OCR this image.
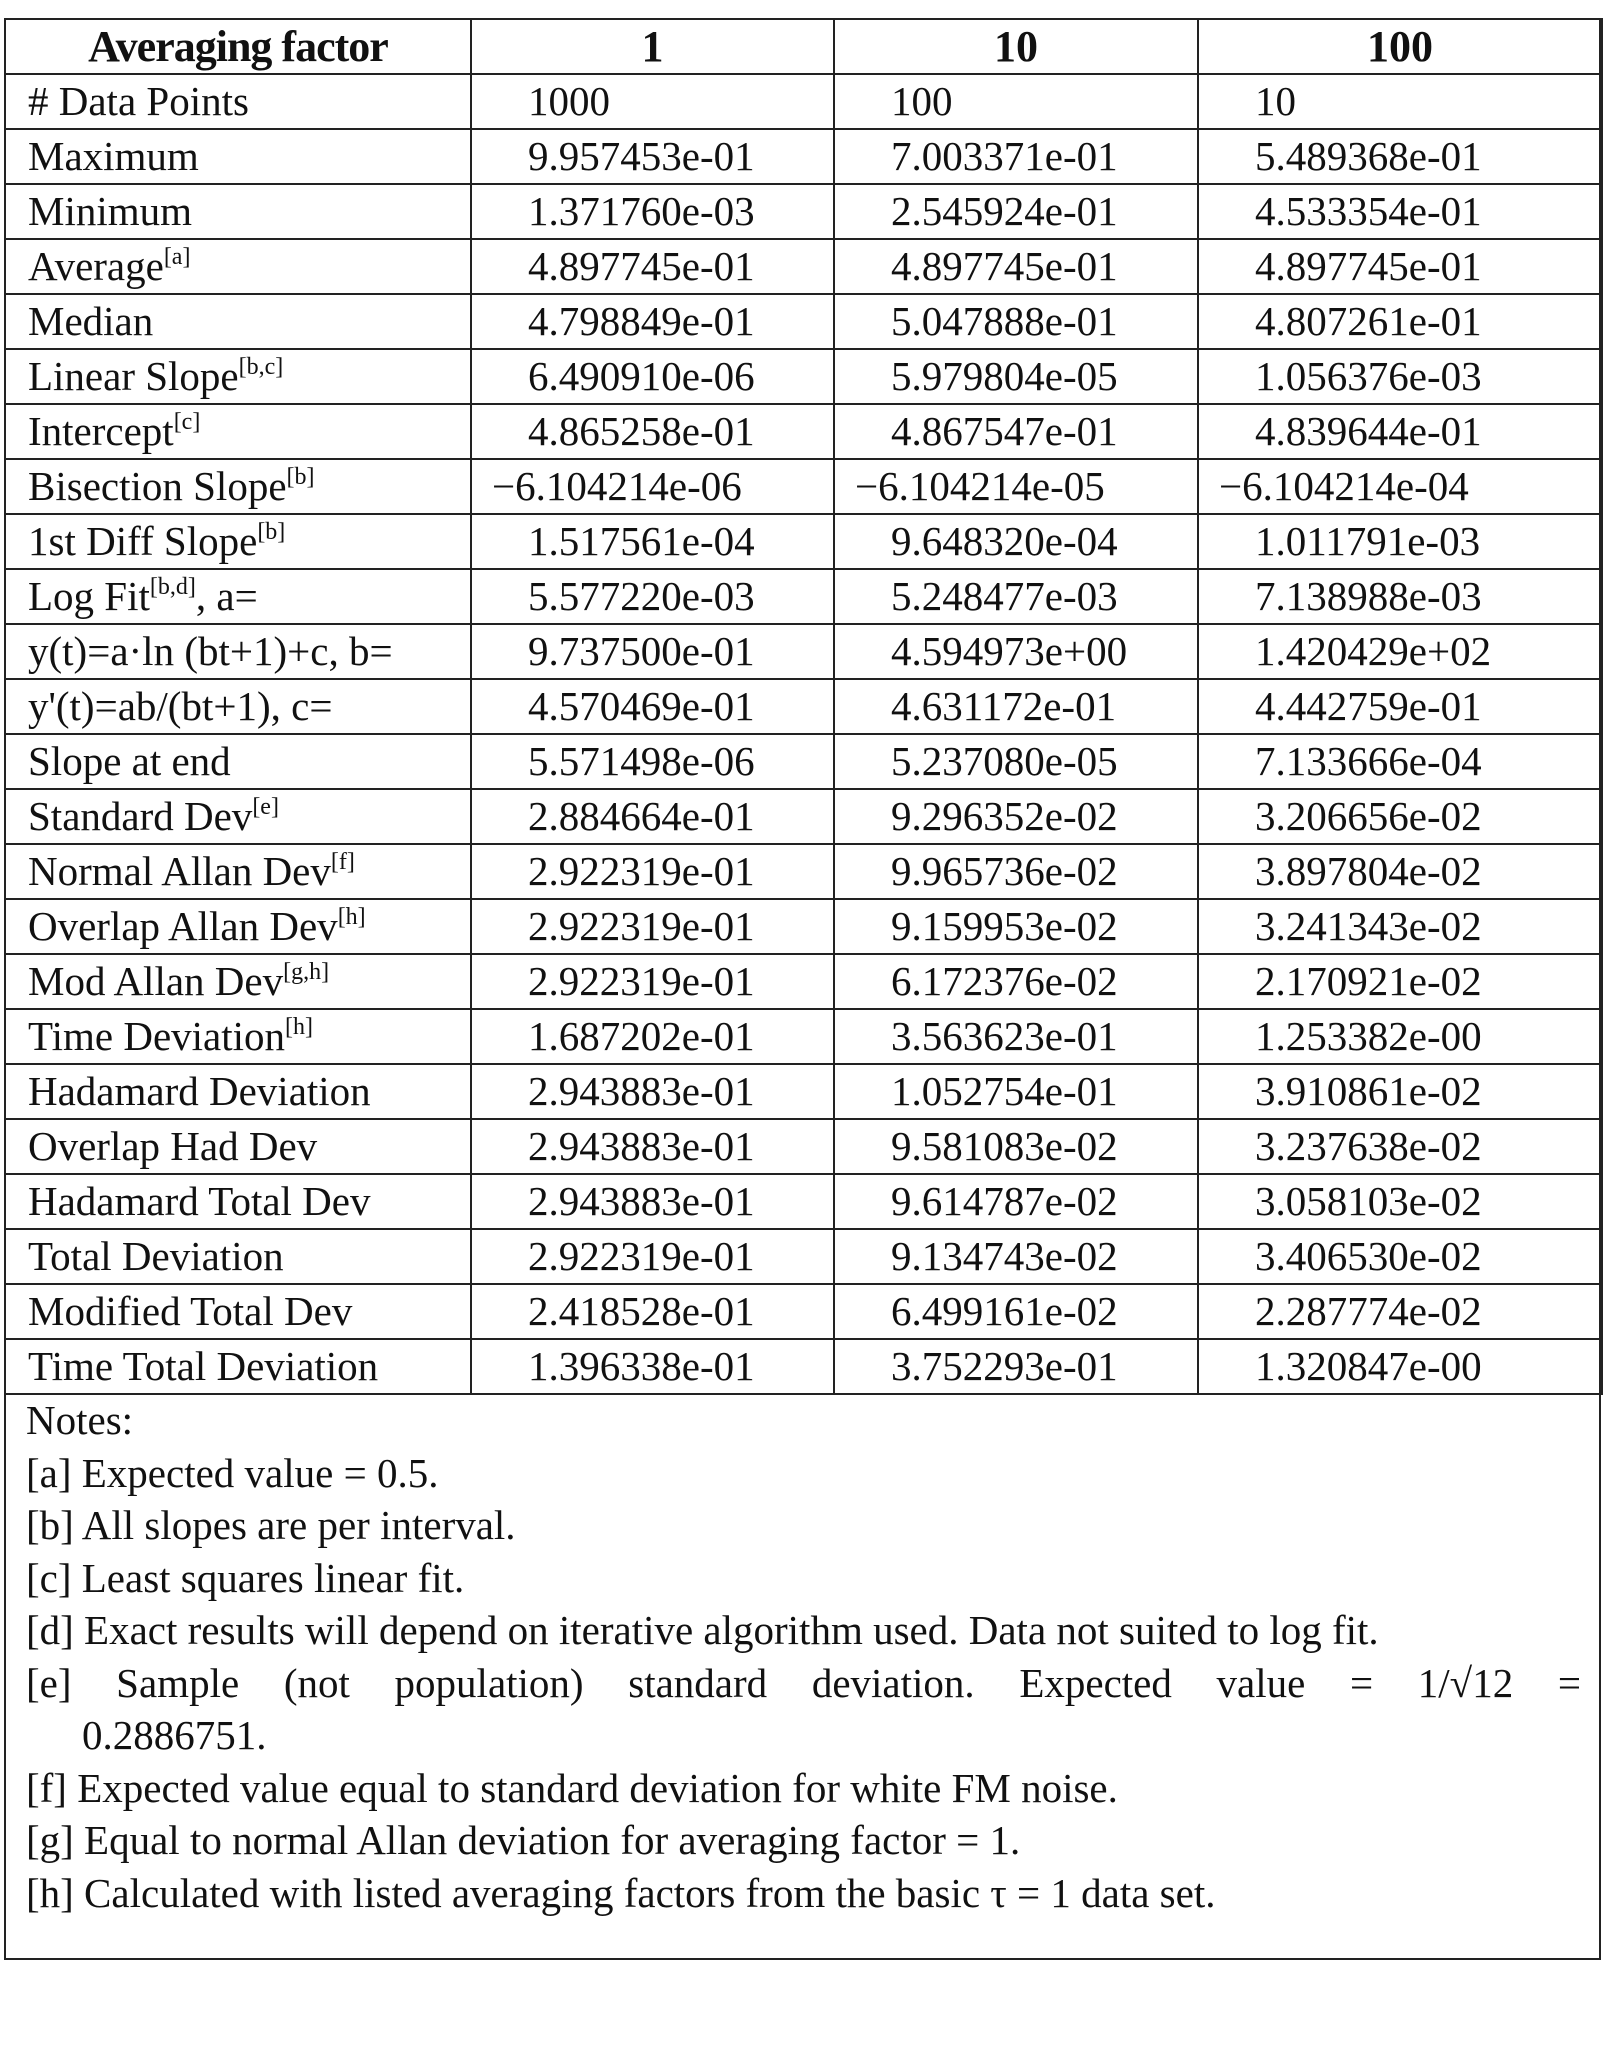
Averaging factor	1	10	100
# Data Points	1000	100	10
Maximum	9.957453e-01	7.003371e-01	5.489368e-01
Minimum	1.371760e-03	2.545924e-01	4.533354e-01
Average[a]	4.897745e-01	4.897745e-01	4.897745e-01
Median	4.798849e-01	5.047888e-01	4.807261e-01
Linear Slope[b,c]	6.490910e-06	5.979804e-05	1.056376e-03
Intercept[c]	4.865258e-01	4.867547e-01	4.839644e-01
Bisection Slope[b]	−6.104214e-06	−6.104214e-05	−6.104214e-04
1st Diff Slope[b]	1.517561e-04	9.648320e-04	1.011791e-03
Log Fit[b,d], a=	5.577220e-03	5.248477e-03	7.138988e-03
y(t)=a·ln (bt+1)+c, b=	9.737500e-01	4.594973e+00	1.420429e+02
y'(t)=ab/(bt+1), c=	4.570469e-01	4.631172e-01	4.442759e-01
Slope at end	5.571498e-06	5.237080e-05	7.133666e-04
Standard Dev[e]	2.884664e-01	9.296352e-02	3.206656e-02
Normal Allan Dev[f]	2.922319e-01	9.965736e-02	3.897804e-02
Overlap Allan Dev[h]	2.922319e-01	9.159953e-02	3.241343e-02
Mod Allan Dev[g,h]	2.922319e-01	6.172376e-02	2.170921e-02
Time Deviation[h]	1.687202e-01	3.563623e-01	1.253382e-00
Hadamard Deviation	2.943883e-01	1.052754e-01	3.910861e-02
Overlap Had Dev	2.943883e-01	9.581083e-02	3.237638e-02
Hadamard Total Dev	2.943883e-01	9.614787e-02	3.058103e-02
Total Deviation	2.922319e-01	9.134743e-02	3.406530e-02
Modified Total Dev	2.418528e-01	6.499161e-02	2.287774e-02
Time Total Deviation	1.396338e-01	3.752293e-01	1.320847e-00

Notes:

[a] Expected value = 0.5.

[b] All slopes are per interval.

[c] Least squares linear fit.

[d] Exact results will depend on iterative algorithm used. Data not suited to log fit.

[e] Sample (not population) standard deviation. Expected value = 1/√12 =

0.2886751.

[f] Expected value equal to standard deviation for white FM noise.

[g] Equal to normal Allan deviation for averaging factor = 1.

[h] Calculated with listed averaging factors from the basic τ = 1 data set.
